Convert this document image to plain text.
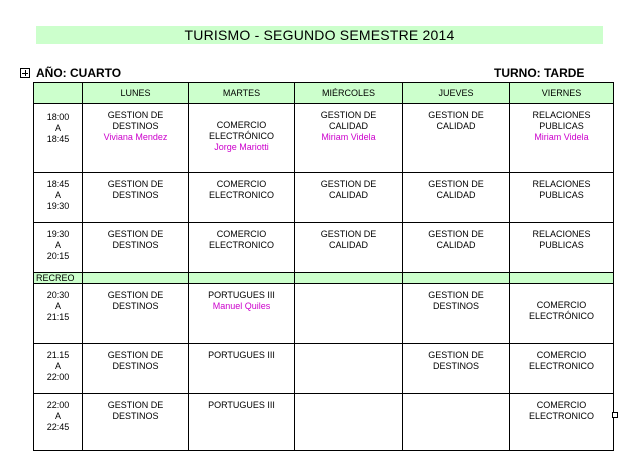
TURISMO - SEGUNDO SEMESTRE 2014
AÑO: CUARTO	TURNO: TARDE
	LUNES	MARTES	MIÉRCOLES	JUEVES	VIERNES

18:00
A
18:45	GESTION DE
DESTINOS
Viviana Mendez	COMERCIO
ELECTRÓNICO
Jorge Mariotti	GESTION DE
CALIDAD
Miriam Videla	GESTION DE
CALIDAD	RELACIONES
PUBLICAS
Miriam Videla

18:45
A
19:30	GESTION DE
DESTINOS	COMERCIO
ELECTRONICO	GESTION DE
CALIDAD	GESTION DE
CALIDAD	RELACIONES
PUBLICAS

19:30
A
20:15	GESTION DE
DESTINOS	COMERCIO
ELECTRONICO	GESTION DE
CALIDAD	GESTION DE
CALIDAD	RELACIONES
PUBLICAS

RECREO					

20:30
A
21:15	GESTION DE
DESTINOS	PORTUGUES III
Manuel Quiles		GESTION DE
DESTINOS	COMERCIO
ELECTRÓNICO

21.15
A
22:00	GESTION DE
DESTINOS	PORTUGUES III		GESTION DE
DESTINOS	COMERCIO
ELECTRONICO

22:00
A
22:45	GESTION DE
DESTINOS	PORTUGUES III			COMERCIO
ELECTRONICO
